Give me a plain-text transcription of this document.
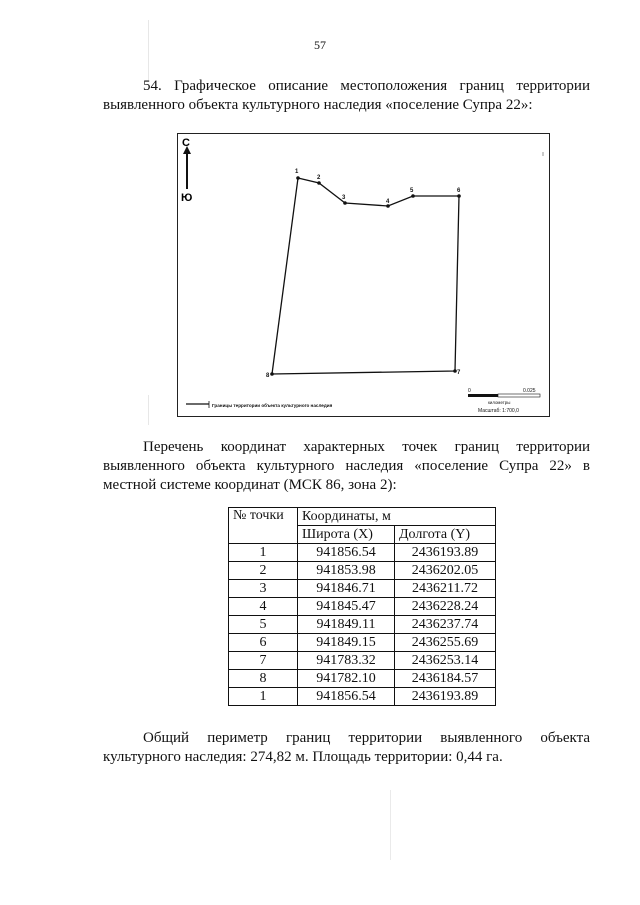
57
54. Графическое описание местоположения границ территории выявленного объекта культурного наследия «поселение Супра 22»:
С
Ю
1
2
3
4
5	6
7
8
Границы территории объекта культурного наследия
0	0.025
километры
Масштаб: 1:700,0
Перечень координат характерных точек границ территории выявленного объекта культурного наследия «поселение Супра 22» в местной системе координат (МСК 86, зона 2):
№ точки	Координаты, м	
	Широта (X)	Долгота (Y)
1	941856.54	2436193.89
2	941853.98	2436202.05
3	941846.71	2436211.72
4	941845.47	2436228.24
5	941849.11	2436237.74
6	941849.15	2436255.69
7	941783.32	2436253.14
8	941782.10	2436184.57
1	941856.54	2436193.89
Общий периметр границ территории выявленного объекта культурного наследия: 274,82 м. Площадь территории: 0,44 га.
